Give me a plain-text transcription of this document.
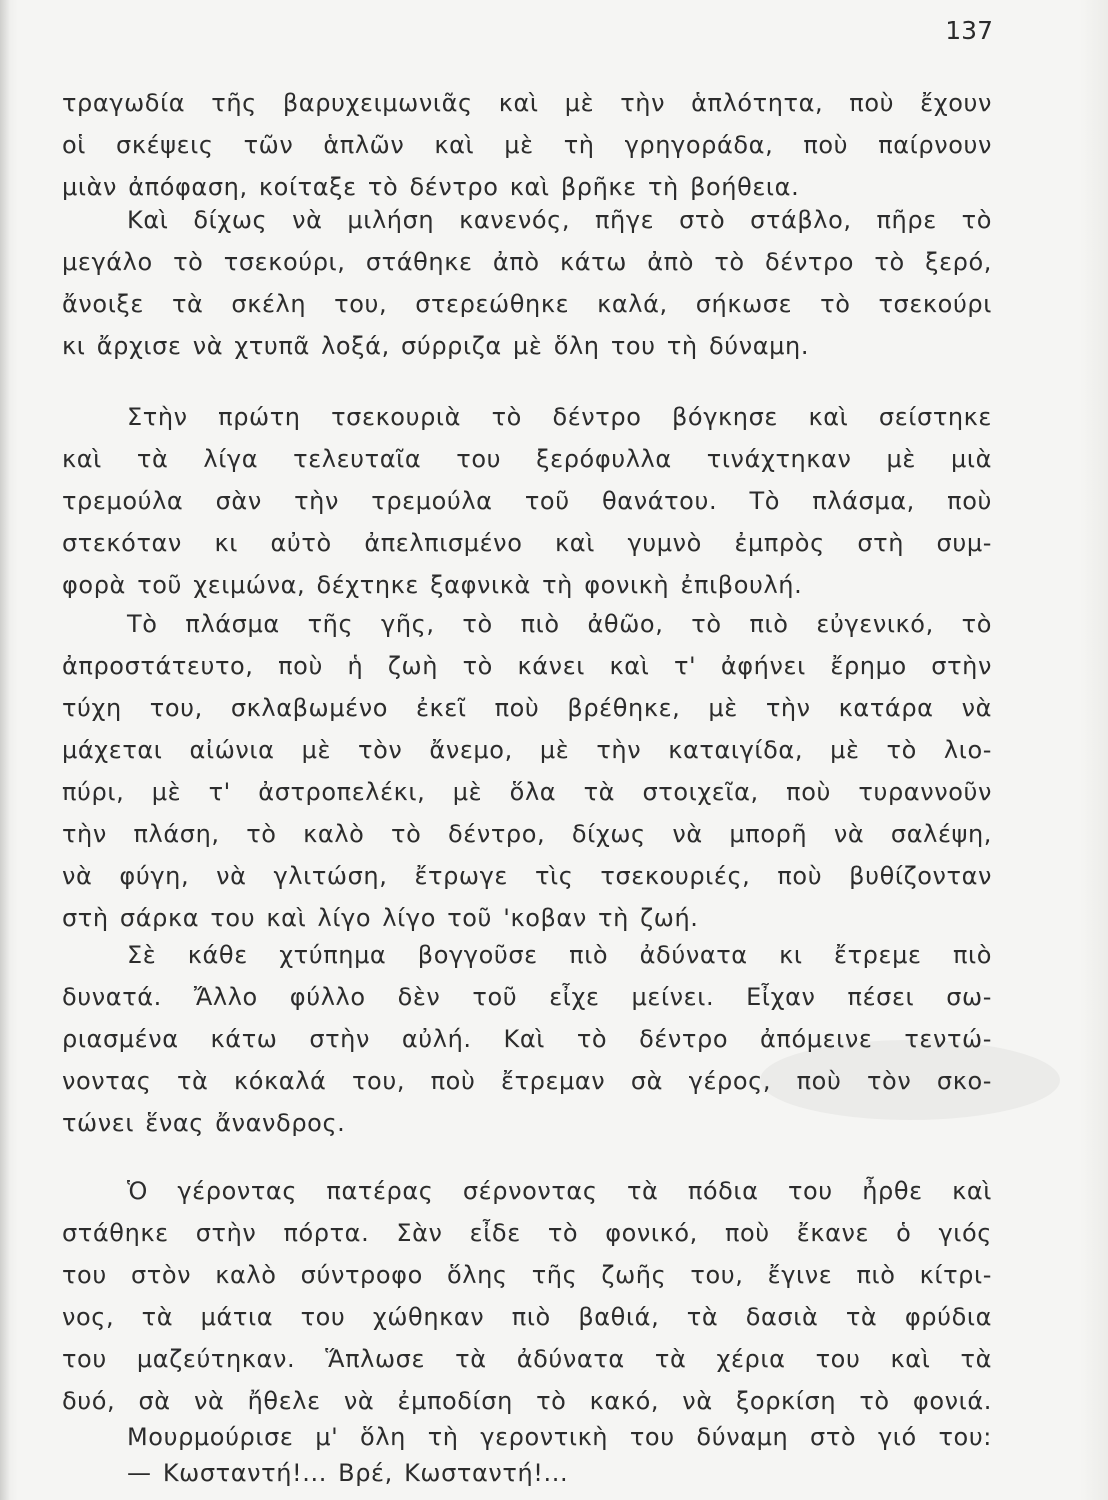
137
τραγωδία τῆς βαρυχειμωνιᾶς καὶ μὲ τὴν ἁπλότητα, ποὺ ἔχουν
οἱ σκέψεις τῶν ἁπλῶν καὶ μὲ τὴ γρηγοράδα, ποὺ παίρνουν
μιὰν ἀπόφαση, κοίταξε τὸ δέντρο καὶ βρῆκε τὴ βοήθεια.
Καὶ δίχως νὰ μιλήση κανενός, πῆγε στὸ στάβλο, πῆρε τὸ
μεγάλο τὸ τσεκούρι, στάθηκε ἀπὸ κάτω ἀπὸ τὸ δέντρο τὸ ξερό,
ἄνοιξε τὰ σκέλη του, στερεώθηκε καλά, σήκωσε τὸ τσεκούρι
κι ἄρχισε νὰ χτυπᾶ λοξά, σύρριζα μὲ ὅλη του τὴ δύναμη.
Στὴν πρώτη τσεκουριὰ τὸ δέντρο βόγκησε καὶ σείστηκε
καὶ τὰ λίγα τελευταῖα του ξερόφυλλα τινάχτηκαν μὲ μιὰ
τρεμούλα σὰν τὴν τρεμούλα τοῦ θανάτου. Τὸ πλάσμα, ποὺ
στεκόταν κι αὐτὸ ἀπελπισμένο καὶ γυμνὸ ἐμπρὸς στὴ συμ-
φορὰ τοῦ χειμώνα, δέχτηκε ξαφνικὰ τὴ φονικὴ ἐπιβουλή.
Τὸ πλάσμα τῆς γῆς, τὸ πιὸ ἀθῶο, τὸ πιὸ εὐγενικό, τὸ
ἀπροστάτευτο, ποὺ ἡ ζωὴ τὸ κάνει καὶ τ' ἀφήνει ἔρημο στὴν
τύχη του, σκλαβωμένο ἐκεῖ ποὺ βρέθηκε, μὲ τὴν κατάρα νὰ
μάχεται αἰώνια μὲ τὸν ἄνεμο, μὲ τὴν καταιγίδα, μὲ τὸ λιο-
πύρι, μὲ τ' ἀστροπελέκι, μὲ ὅλα τὰ στοιχεῖα, ποὺ τυραννοῦν
τὴν πλάση, τὸ καλὸ τὸ δέντρο, δίχως νὰ μπορῆ νὰ σαλέψη,
νὰ φύγη, νὰ γλιτώση, ἔτρωγε τὶς τσεκουριές, ποὺ βυθίζονταν
στὴ σάρκα του καὶ λίγο λίγο τοῦ 'κοβαν τὴ ζωή.
Σὲ κάθε χτύπημα βογγοῦσε πιὸ ἀδύνατα κι ἔτρεμε πιὸ
δυνατά. Ἄλλο φύλλο δὲν τοῦ εἶχε μείνει. Εἶχαν πέσει σω-
ριασμένα κάτω στὴν αὐλή. Καὶ τὸ δέντρο ἀπόμεινε τεντώ-
νοντας τὰ κόκαλά του, ποὺ ἔτρεμαν σὰ γέρος, ποὺ τὸν σκο-
τώνει ἕνας ἄνανδρος.
Ὁ γέροντας πατέρας σέρνοντας τὰ πόδια του ἦρθε καὶ
στάθηκε στὴν πόρτα. Σὰν εἶδε τὸ φονικό, ποὺ ἔκανε ὁ γιός
του στὸν καλὸ σύντροφο ὅλης τῆς ζωῆς του, ἔγινε πιὸ κίτρι-
νος, τὰ μάτια του χώθηκαν πιὸ βαθιά, τὰ δασιὰ τὰ φρύδια
του μαζεύτηκαν. Ἅπλωσε τὰ ἀδύνατα τὰ χέρια του καὶ τὰ
δυό, σὰ νὰ ἤθελε νὰ ἐμποδίση τὸ κακό, νὰ ξορκίση τὸ φονιά.
Μουρμούρισε μ' ὅλη τὴ γεροντικὴ του δύναμη στὸ γιό του:
— Κωσταντή!... Βρέ, Κωσταντή!...
